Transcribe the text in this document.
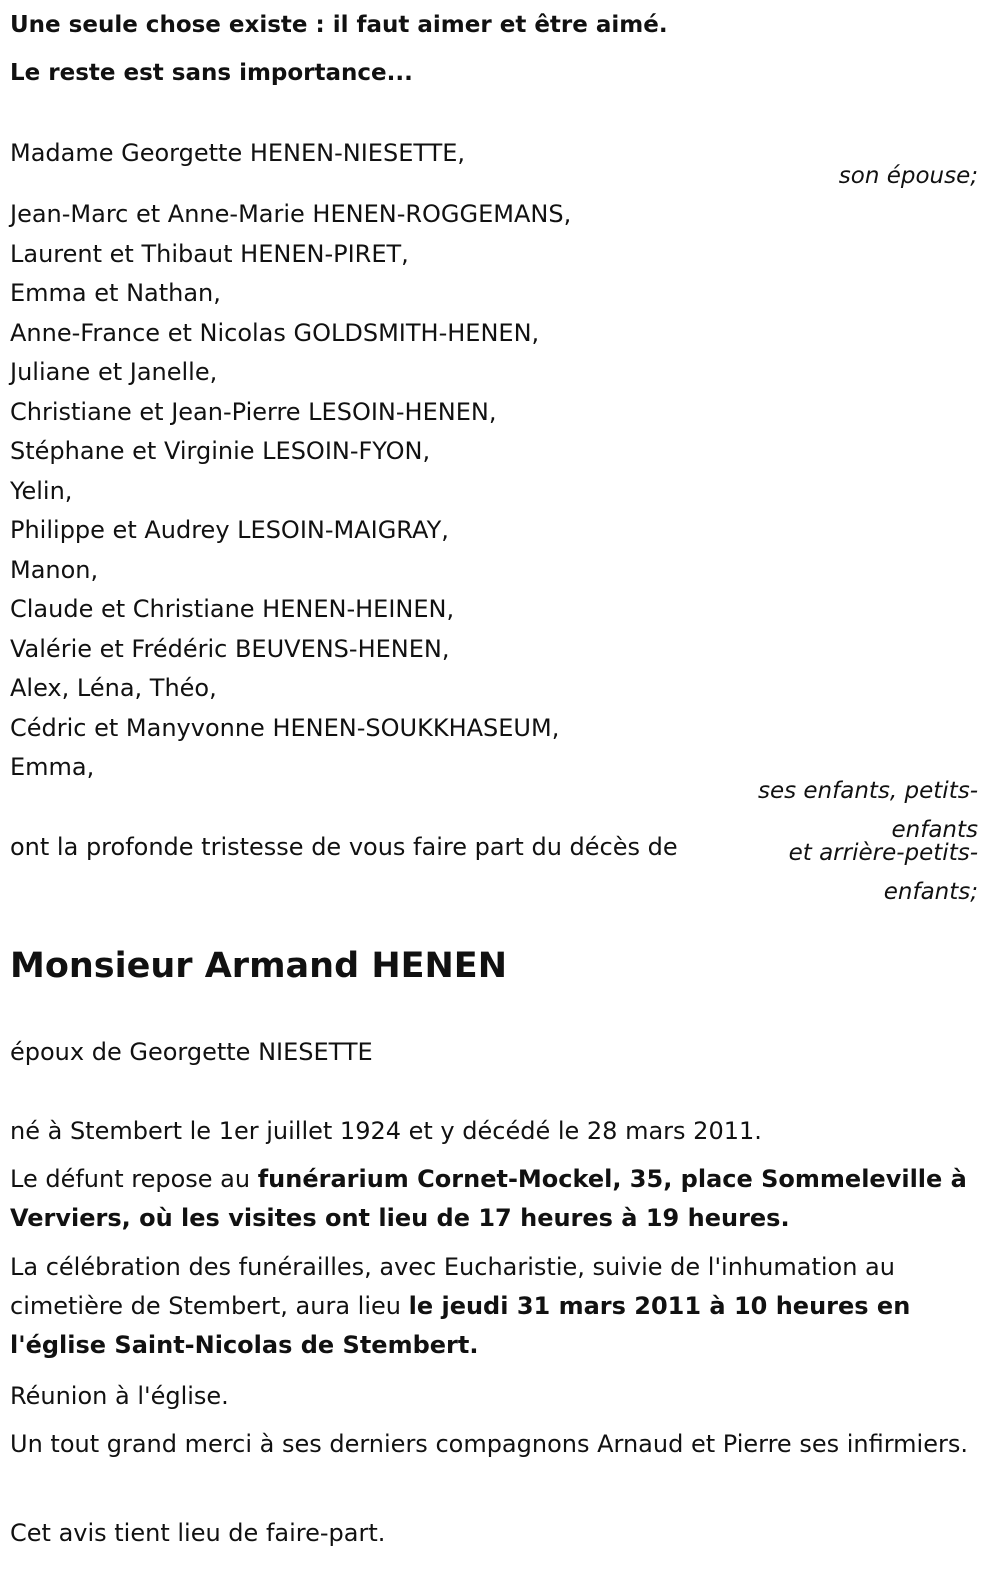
Une seule chose existe : il faut aimer et être aimé.

Le reste est sans importance...

Madame Georgette HENEN-NIESETTE,

son épouse;
Jean-Marc et Anne-Marie HENEN-ROGGEMANS,
Laurent et Thibaut HENEN-PIRET,
Emma et Nathan,
Anne-France et Nicolas GOLDSMITH-HENEN,
Juliane et Janelle,
Christiane et Jean-Pierre LESOIN-HENEN,
Stéphane et Virginie LESOIN-FYON,
Yelin,
Philippe et Audrey LESOIN-MAIGRAY,
Manon,
Claude et Christiane HENEN-HEINEN,
Valérie et Frédéric BEUVENS-HENEN,
Alex, Léna, Théo,
Cédric et Manyvonne HENEN-SOUKKHASEUM,
Emma,
ses enfants, petits-
enfants
et arrière-petits-
enfants;

ont la profonde tristesse de vous faire part du décès de

Monsieur Armand HENEN

époux de Georgette NIESETTE

né à Stembert le 1er juillet 1924 et y décédé le 28 mars 2011.

Le défunt repose au funérarium Cornet-Mockel, 35, place Sommeleville à Verviers, où les visites ont lieu de 17 heures à 19 heures.

La célébration des funérailles, avec Eucharistie, suivie de l'inhumation au cimetière de Stembert, aura lieu le jeudi 31 mars 2011 à 10 heures en l'église Saint-Nicolas de Stembert.

Réunion à l'église.

Un tout grand merci à ses derniers compagnons Arnaud et Pierre ses infirmiers.

Cet avis tient lieu de faire-part.
